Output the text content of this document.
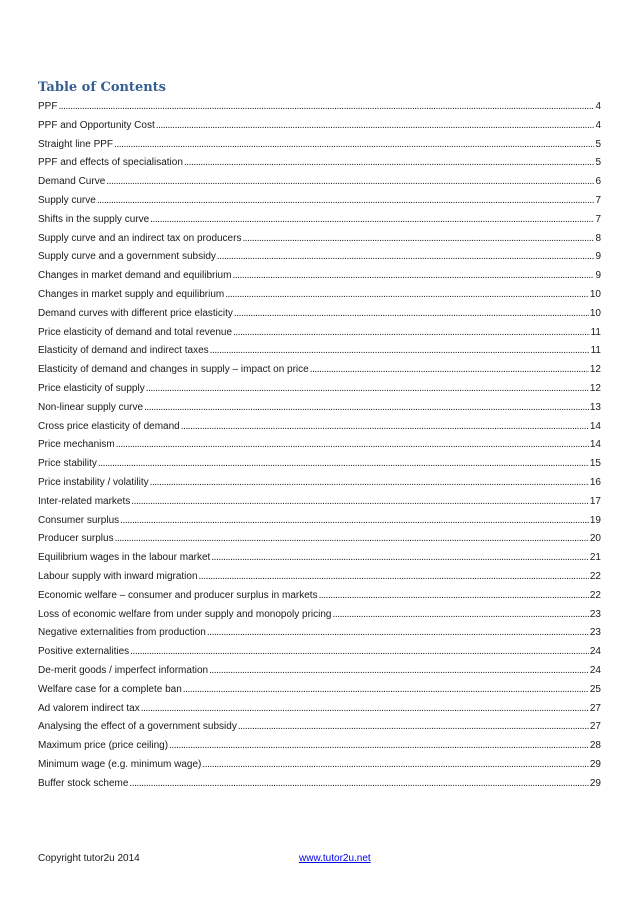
Table of Contents
PPF . . .	4
PPF and Opportunity Cost . . .	4
Straight line PPF . . .	5
PPF and effects of specialisation . . .	5
Demand Curve . . .	6
Supply curve . . .	7
Shifts in the supply curve . . .	7
Supply curve and an indirect tax on producers . . .	8
Supply curve and a government subsidy . . .	9
Changes in market demand and equilibrium . . .	9
Changes in market supply and equilibrium . . .	10
Demand curves with different price elasticity . . .	10
Price elasticity of demand and total revenue . . .	11
Elasticity of demand and indirect taxes . . .	11
Elasticity of demand and changes in supply – impact on price . . .	12
Price elasticity of supply . . .	12
Non-linear supply curve . . .	13
Cross price elasticity of demand . . .	14
Price mechanism . . .	14
Price stability . . .	15
Price instability / volatility . . .	16
Inter-related markets . . .	17
Consumer surplus . . .	19
Producer surplus . . .	20
Equilibrium wages in the labour market . . .	21
Labour supply with inward migration . . .	22
Economic welfare – consumer and producer surplus in markets . . .	22
Loss of economic welfare from under supply and monopoly pricing . . .	23
Negative externalities from production . . .	23
Positive externalities . . .	24
De-merit goods / imperfect information . . .	24
Welfare case for a complete ban . . .	25
Ad valorem indirect tax . . .	27
Analysing the effect of a government subsidy . . .	27
Maximum price (price ceiling) . . .	28
Minimum wage (e.g. minimum wage) . . .	29
Buffer stock scheme . . .	29
Copyright tutor2u 2014	www.tutor2u.net
